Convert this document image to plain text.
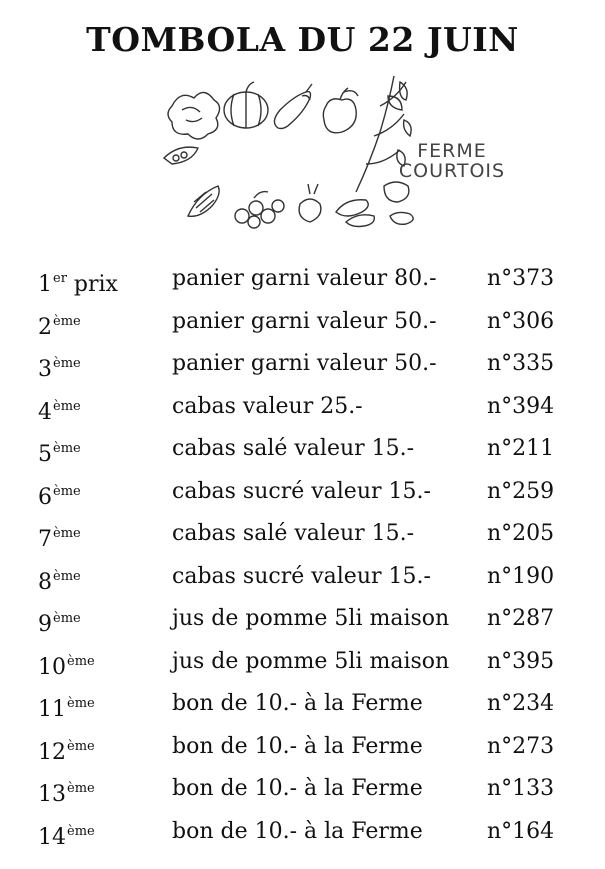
TOMBOLA DU 22 JUIN
FERME
COURTOIS
1er prix panier garni valeur 80.- n°373
2ème	panier garni valeur 50.- n°306
3ème	panier garni valeur 50.- n°335
4ème	cabas valeur 25.-	n°394
5ème	cabas salé valeur 15.-	n°211
6ème	cabas sucré valeur 15.-	n°259
7ème	cabas salé valeur 15.-	n°205
8ème	cabas sucré valeur 15.-	n°190
9ème	jus de pomme 5li maison n°287
10ème	jus de pomme 5li maison n°395
11ème	bon de 10.- à la Ferme	n°234
12ème	bon de 10.- à la Ferme	n°273
13ème	bon de 10.- à la Ferme	n°133
14ème	bon de 10.- à la Ferme	n°164
